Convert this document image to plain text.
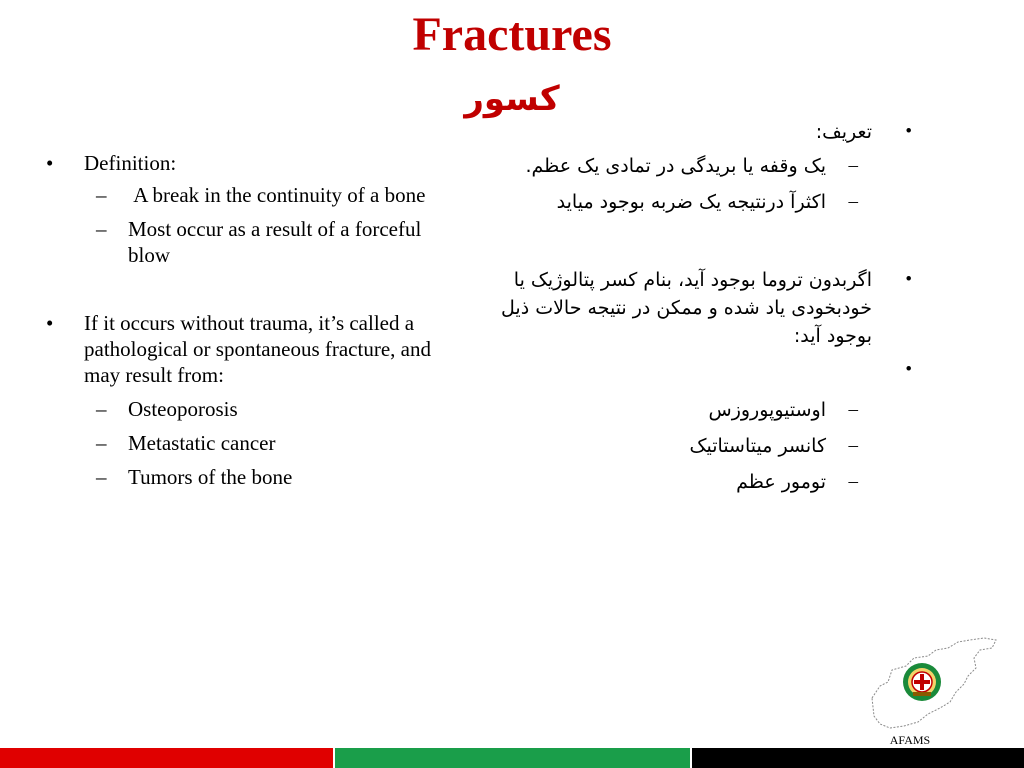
Fractures
کسور
• Definition:
– A break in the continuity of a bone
– Most occur as a result of a forceful blow
• If it occurs without trauma, it’s called a pathological or spontaneous fracture, and may result from:
– Osteoporosis
– Metastatic cancer
– Tumors of the bone
•
تعریف:
–
یک وقفه یا بریدگی در تمادی یک عظم.
–
اکثرآ درنتیجه یک ضربه بوجود میاید
•
اگربدون تروما بوجود آید، بنام کسر پتالوژیک یا خودبخودی یاد شده و ممکن در نتیجه حالات ذیل بوجود آید:
•

–
اوستیوپوروزس
–
کانسر میتاستاتیک
–
تومور عظم
AFAMS
